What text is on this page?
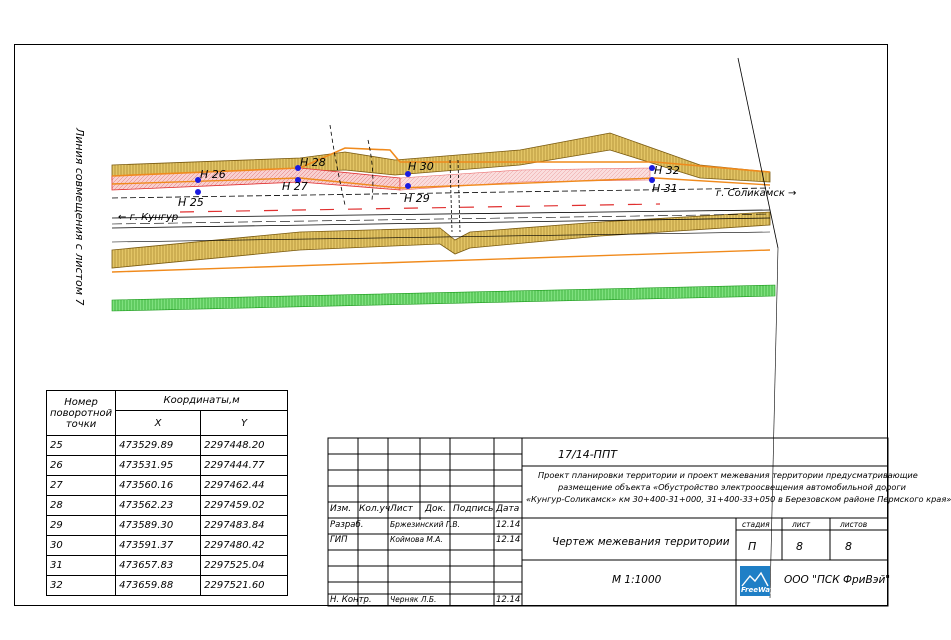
Линия совмещения с листом 7	Н 26
Н 25
Н 27
Н 28	Н 30
Н 29
Н 32
Н 31
← г. Кунгур
г. Соликамск →
Номер поворотной точки	Координаты,м	
	X	Y
25	473529.89	2297448.20
26	473531.95	2297444.77
27	473560.16	2297462.44
28	473562.23	2297459.02
29	473589.30	2297483.84
30	473591.37	2297480.42
31	473657.83	2297525.04
32	473659.88	2297521.60
17/14-ППТ
Проект планировки территории и проект межевания территории предусматривающие
размещение объекта «Обустройство электроосвещения автомобильной дороги
«Кунгур-Соликамск» км 30+400-31+000, 31+400-33+050 в Березовском районе Пермского края»
Изм. Кол.уч Лист Док. Подпись Дата
Разраб.	Бржезинский Г.В.	12.14
ГИП	Коймова М.А.	12.14
Н. Контр. Черняк Л.Б.	12.14
Чертеж межевания территории
стадия	лист	листов
П	8	8
М 1:1000	ООО "ПСК ФриВэй"
FreeWay
